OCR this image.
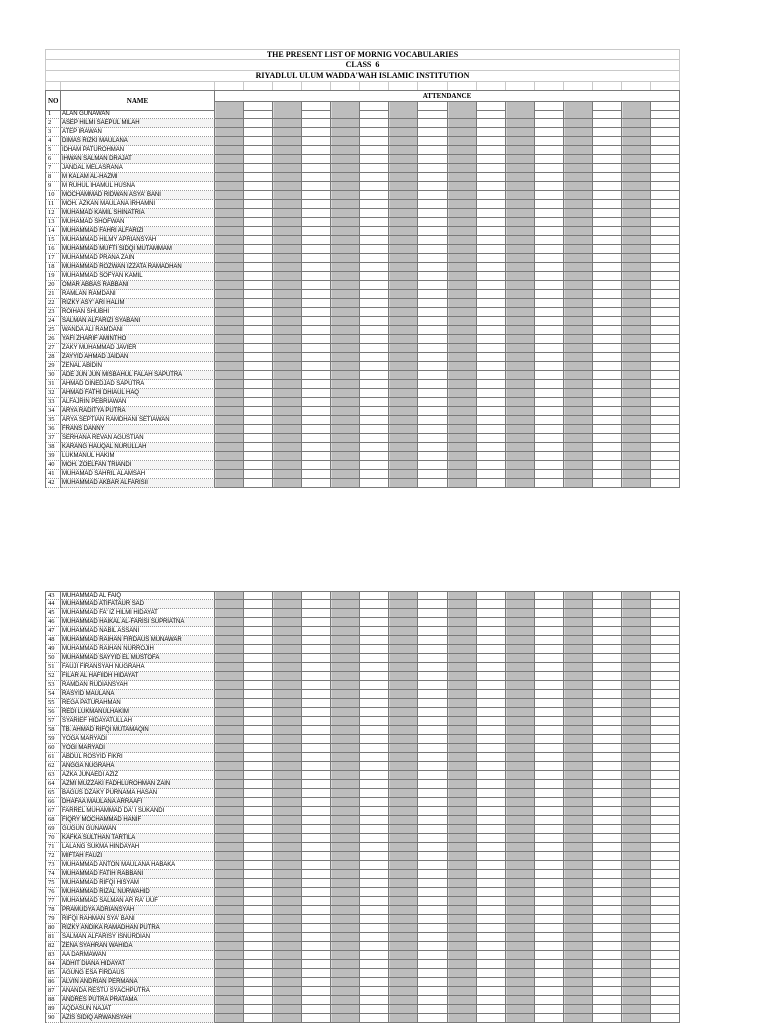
THE PRESENT LIST OF MORNIG VOCABULARIES
CLASS  6
RIYADLUL ULUM WADDA'WAH ISLAMIC INSTITUTION
NO	NAME
ATTENDANCE
1	ALAN GUNAWAN
2	ASEP HILMI SAEPUL MILAH
3	ATEP IRAWAN
4	DIMAS RIZKI MAULANA
5	IDHAM PATUROHMAN
6	IHWAN SALMAN DRAJAT
7	JANDAL MELASRANA
8	M KALAM AL-HAZMI
9	M RUHUL IHAMUL HUSNA
10	MOCHAMMAD RIDWAN ASYA' BANI
11	MOH. AZKAN MAULANA IRHAMNI
12	MUHAMAD KAMIL SHINATRIA
13	MUHAMAD SHOFWAN
14	MUHAMMAD FAHRI ALFARIZI
15	MUHAMMAD HILMY APRIANSYAH
16	MUHAMMAD MUFTI SIDQI MUTAMMAM
17	MUHAMMAD PRANA ZAIN
18	MUHAMMAD ROZWAN IZZATA RAMADHAN
19	MUHAMMAD SOFYAN KAMIL
20	OMAR ABBAS RABBANI
21	RAMLAN RAMDANI
22	RIZKY ASY' ARI HALIM
23	ROIHAN SHUBHI
24	SALMAN ALFARIZI SYABANI
25	WANDA ALI RAMDANI
26	YAFI ZHARIF AMINTHO
27	ZAKY MUHAMMAD JAVIER
28	ZAYYID AHMAD JAIDAN
29	ZENAL ABIDIN
30	ADE JUN JUN MISBAHUL FALAH SAPUTRA
31	AHMAD DINEDJAD SAPUTRA
32	AHMAD FATHI DHIAUL HAQ
33	ALFAJRIN PEBRIAWAN
34	ARYA RADITYA PUTRA
35	ARYA SEPTIAN RAMDHANI SETIAWAN
36	FRANS DANNY
37	SERHANA REVAN AGUSTIAN
38	KARANG HAUQAL NURULLAH
39	LUKMANUL HAKIM
40	MOH. ZOELFAN TRIANDI
41	MUHAMAD SAHRIL ALAMSAH
42	MUHAMMAD AKBAR ALFARISII
43	MUHAMMAD AL FAIQ
44	MUHAMMAD ATIFATAUR SAD
45	MUHAMMAD FA' IZ HILMI HIDAYAT
46	MUHAMMAD HAIKAL AL-FARISI SUPRIATNA
47	MUHAMMAD NABIL ASSANI
48	MUHAMMAD RAIHAN FIRDAUS MUNAWAR
49	MUHAMMAD RAIHAN NURROJIH
50	MUHAMMAD SAYYID EL MUSTOFA
51	FAUJI FIRANSYAH NUGRAHA
52	FILAR AL HAFIIDH HIDAYAT
53	RAMDAN RUDIANSYAH
54	RASYID MAULANA
55	REGA PATURAHMAN
56	REDI LUKMANULHAKIM
57	SYARIEF HIDAYATULLAH
58	TB. AHMAD RIFQI MUTAMAQIN
59	YOGA MARYADI
60	YOGI MARYADI
61	ABDUL ROSYID FIKRI
62	ANGGA NUGRAHA
63	AZKA JUNAEDI AZIZ
64	AZMI MUZZAKI FADHLUROHMAN ZAIN
65	BAGUS DZAKY PURNAMA HASAN
66	DHAFAA MAULANA ARRAAFI
67	FARREL MUHAMMAD DA' I SUKANDI
68	FIQRY MOCHAMMAD HANIF
69	GUGUN GUNAWAN
70	KAFKA SULTHAN TARTILA
71	LALANG SUKMA HINDAYAH
72	MIFTAH FAUZI
73	MUHAMMAD ANTON MAULANA HABAKA
74	MUHAMMAD FATIH RABBANI
75	MUHAMMAD RIFQI HISYAM
76	MUHAMMAD RIZAL NURWAHID
77	MUHAMMAD SALMAN AR RA' UUF
78	PRAMUDYA ADRIANSYAH
79	RIFQI RAHMAN SYA' BANI
80	RIZKY ANDIKA RAMADHAN PUTRA
81	SALMAN ALFARISY ISNURDIAN
82	ZENA SYAHRAN WAHIDA
83	AA DARMAWAN
84	ADHIT DIANA HIDAYAT
85	AGUNG ESA FIRDAUS
86	ALVIN ANDRIAN PERMANA
87	ANANDA RESTU SYACHPUTRA
88	ANDRES PUTRA PRATAMA
89	AQDASUN NAJAT
90	AZIS SIDIQ ARWANSYAH
